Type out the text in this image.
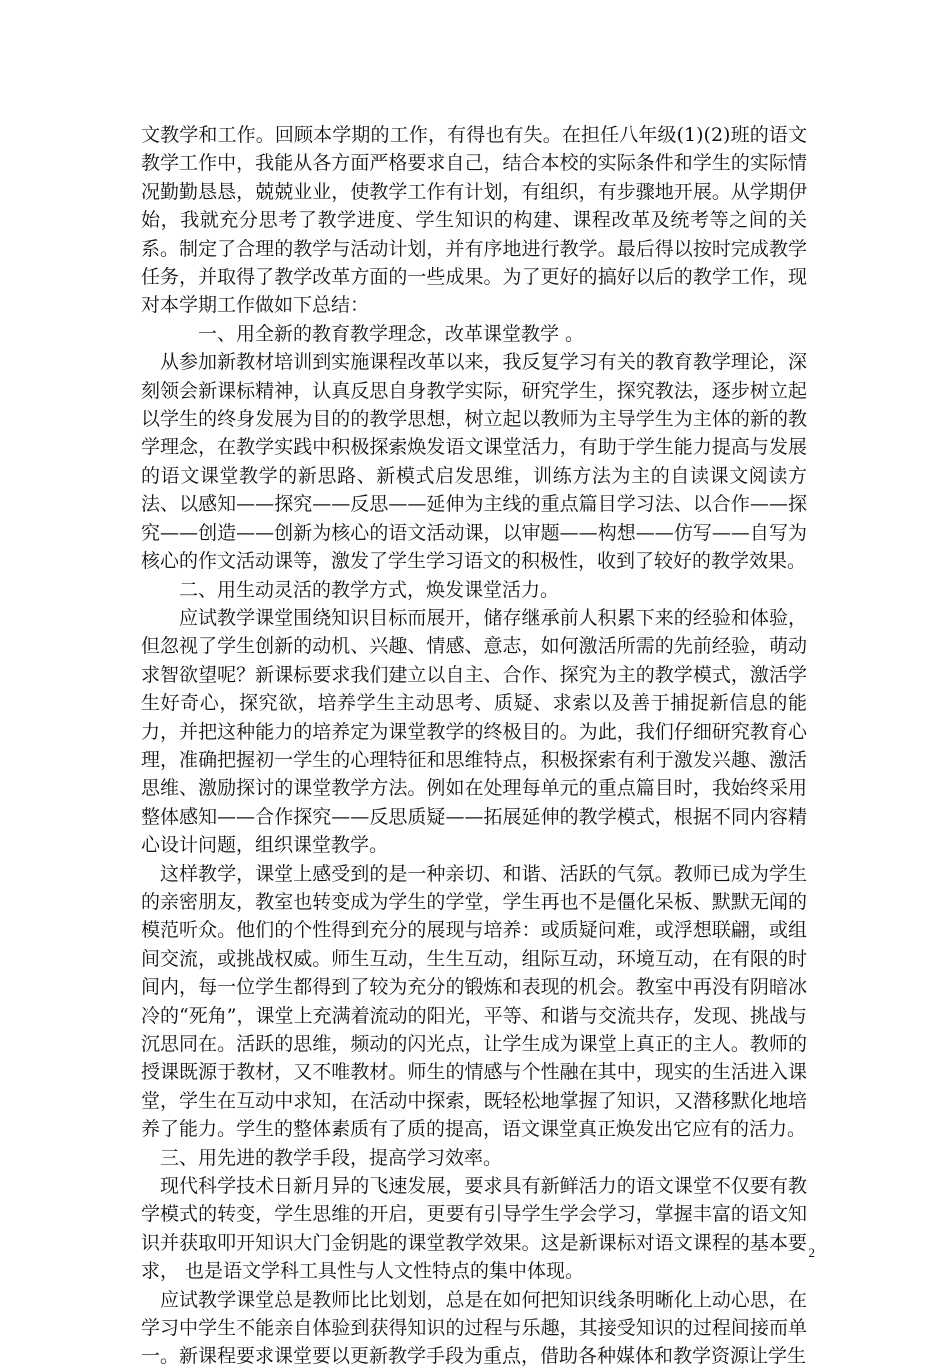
文教学和工作。回顾本学期的工作，有得也有失。在担任八年级(1)(2)班的语文教学工作中，我能从各方面严格要求自己，结合本校的实际条件和学生的实际情况勤勤恳恳，兢兢业业，使教学工作有计划，有组织，有步骤地开展。从学期伊始，我就充分思考了教学进度、学生知识的构建、课程改革及统考等之间的关系。制定了合理的教学与活动计划，并有序地进行教学。最后得以按时完成教学任务，并取得了教学改革方面的一些成果。为了更好的搞好以后的教学工作，现对本学期工作做如下总结：

一、用全新的教育教学理念，改革课堂教学 。

从参加新教材培训到实施课程改革以来，我反复学习有关的教育教学理论，深刻领会新课标精神，认真反思自身教学实际，研究学生，探究教法，逐步树立起以学生的终身发展为目的的教学思想，树立起以教师为主导学生为主体的新的教学理念，在教学实践中积极探索焕发语文课堂活力，有助于学生能力提高与发展的语文课堂教学的新思路、新模式启发思维，训练方法为主的自读课文阅读方法、以感知——探究——反思——延伸为主线的重点篇目学习法、以合作——探究——创造——创新为核心的语文活动课，以审题——构想——仿写——自写为核心的作文活动课等，激发了学生学习语文的积极性，收到了较好的教学效果。

二、用生动灵活的教学方式，焕发课堂活力。

应试教学课堂围绕知识目标而展开，储存继承前人积累下来的经验和体验，但忽视了学生创新的动机、兴趣、情感、意志，如何激活所需的先前经验，萌动求智欲望呢？新课标要求我们建立以自主、合作、探究为主的教学模式，激活学生好奇心，探究欲，培养学生主动思考、质疑、求索以及善于捕捉新信息的能力，并把这种能力的培养定为课堂教学的终极目的。为此，我们仔细研究教育心理，准确把握初一学生的心理特征和思维特点，积极探索有利于激发兴趣、激活思维、激励探讨的课堂教学方法。例如在处理每单元的重点篇目时，我始终采用整体感知——合作探究——反思质疑——拓展延伸的教学模式，根据不同内容精心设计问题，组织课堂教学。

这样教学，课堂上感受到的是一种亲切、和谐、活跃的气氛。教师已成为学生的亲密朋友，教室也转变成为学生的学堂，学生再也不是僵化呆板、默默无闻的模范听众。他们的个性得到充分的展现与培养：或质疑问难，或浮想联翩，或组间交流，或挑战权威。师生互动，生生互动，组际互动，环境互动，在有限的时间内，每一位学生都得到了较为充分的锻炼和表现的机会。教室中再没有阴暗冰冷的“死角”，课堂上充满着流动的阳光，平等、和谐与交流共存，发现、挑战与沉思同在。活跃的思维，频动的闪光点，让学生成为课堂上真正的主人。教师的授课既源于教材，又不唯教材。师生的情感与个性融在其中，现实的生活进入课堂，学生在互动中求知，在活动中探索，既轻松地掌握了知识，又潜移默化地培养了能力。学生的整体素质有了质的提高，语文课堂真正焕发出它应有的活力。

三、用先进的教学手段，提高学习效率。

现代科学技术日新月异的飞速发展，要求具有新鲜活力的语文课堂不仅要有教学模式的转变，学生思维的开启，更要有引导学生学会学习，掌握丰富的语文知识并获取叩开知识大门金钥匙的课堂教学效果。这是新课标对语文课程的基本要求， 也是语文学科工具性与人文性特点的集中体现。

应试教学课堂总是教师比比划划，总是在如何把知识线条明晰化上动心思，在学习中学生不能亲自体验到获得知识的过程与乐趣，其接受知识的过程间接而单一。新课程要求课堂要以更新教学手段为重点，借助各种媒体和教学资源让学生

2
